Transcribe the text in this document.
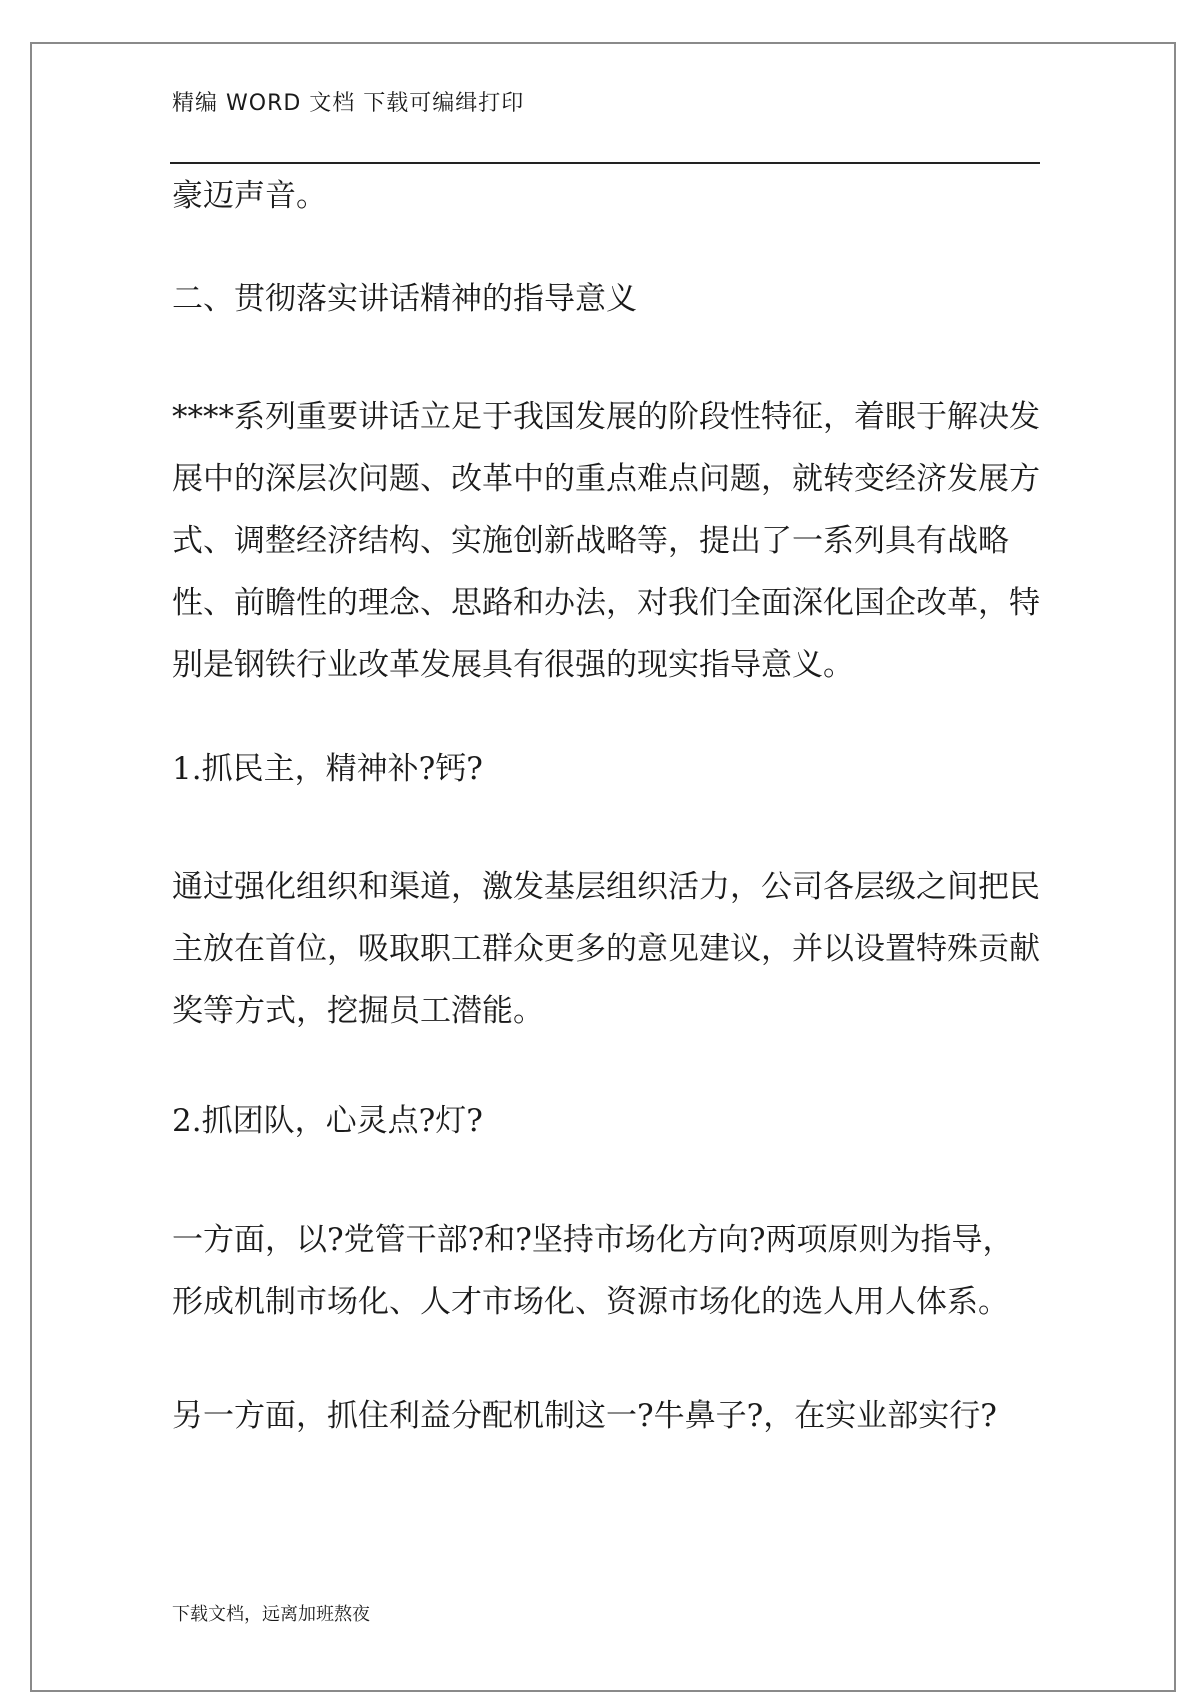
精编 WORD 文档 下载可编缉打印

豪迈声音。

二、贯彻落实讲话精神的指导意义

****系列重要讲话立足于我国发展的阶段性特征，着眼于解决发展中的深层次问题、改革中的重点难点问题，就转变经济发展方式、调整经济结构、实施创新战略等，提出了一系列具有战略性、前瞻性的理念、思路和办法，对我们全面深化国企改革，特别是钢铁行业改革发展具有很强的现实指导意义。

1.抓民主，精神补?钙?

通过强化组织和渠道，激发基层组织活力，公司各层级之间把民主放在首位，吸取职工群众更多的意见建议，并以设置特殊贡献奖等方式，挖掘员工潜能。

2.抓团队，心灵点?灯?

一方面，以?党管干部?和?坚持市场化方向?两项原则为指导，形成机制市场化、人才市场化、资源市场化的选人用人体系。

另一方面，抓住利益分配机制这一?牛鼻子?，在实业部实行?

下载文档，远离加班熬夜
